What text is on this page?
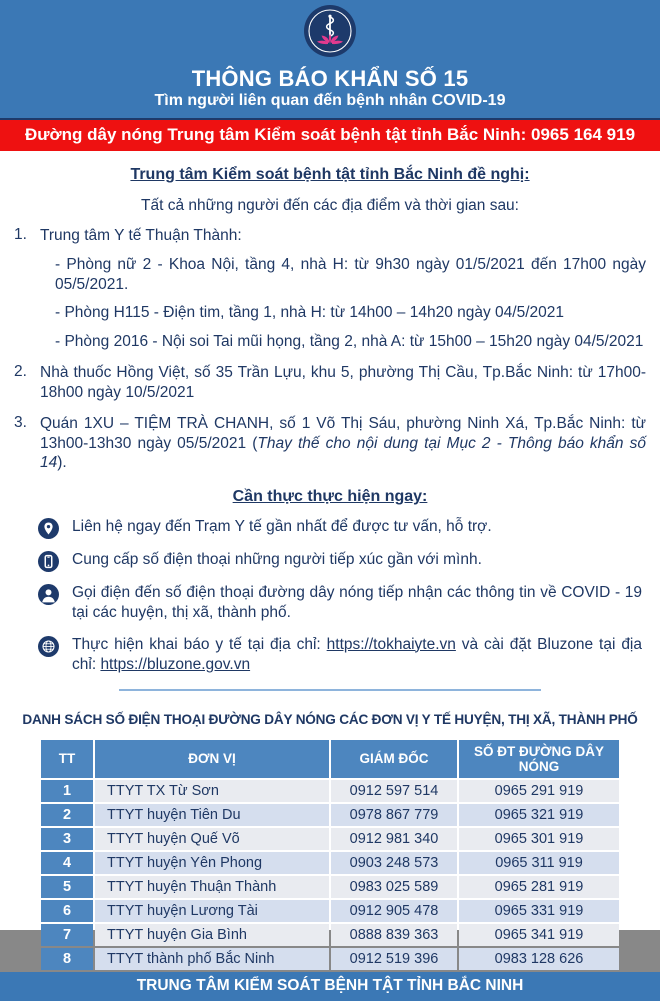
THÔNG BÁO KHẨN SỐ 15
Tìm người liên quan đến bệnh nhân COVID-19
Đường dây nóng Trung tâm Kiểm soát bệnh tật tỉnh Bắc Ninh: 0965 164 919
Trung tâm Kiểm soát bệnh tật tỉnh Bắc Ninh đề nghị:
Tất cả những người đến các địa điểm và thời gian sau:
1. Trung tâm Y tế Thuận Thành:
- Phòng nữ 2 - Khoa Nội, tầng 4, nhà H: từ 9h30 ngày 01/5/2021 đến 17h00 ngày 05/5/2021.
- Phòng H115 - Điện tim, tầng 1, nhà H: từ 14h00 – 14h20 ngày 04/5/2021
- Phòng 2016 - Nội soi Tai mũi họng, tầng 2, nhà A: từ 15h00 – 15h20 ngày 04/5/2021
2. Nhà thuốc Hồng Việt, số 35 Trần Lựu, khu 5, phường Thị Cầu, Tp.Bắc Ninh: từ 17h00-18h00 ngày 10/5/2021
3. Quán 1XU – TIỆM TRÀ CHANH, số 1 Võ Thị Sáu, phường Ninh Xá, Tp.Bắc Ninh: từ 13h00-13h30 ngày 05/5/2021 (Thay thế cho nội dung tại Mục 2 - Thông báo khẩn số 14).
Cần thực thực hiện ngay:
Liên hệ ngay đến Trạm Y tế gần nhất để được tư vấn, hỗ trợ.
Cung cấp số điện thoại những người tiếp xúc gần với mình.
Gọi điện đến số điện thoại đường dây nóng tiếp nhận các thông tin về COVID - 19 tại các huyện, thị xã, thành phố.
Thực hiện khai báo y tế tại địa chỉ: https://tokhaiyte.vn và cài đặt Bluzone tại địa chỉ: https://bluzone.gov.vn
DANH SÁCH SỐ ĐIỆN THOẠI ĐƯỜNG DÂY NÓNG CÁC ĐƠN VỊ Y TẾ HUYỆN, THỊ XÃ, THÀNH PHỐ
TT	ĐƠN VỊ	GIÁM ĐỐC	SỐ ĐT ĐƯỜNG DÂY NÓNG
1	TTYT TX Từ Sơn	0912 597 514	0965 291 919
2	TTYT huyện Tiên Du	0978 867 779	0965 321 919
3	TTYT huyện Quế Võ	0912 981 340	0965 301 919
4	TTYT huyện Yên Phong	0903 248 573	0965 311 919
5	TTYT huyện Thuận Thành	0983 025 589	0965 281 919
6	TTYT huyện Lương Tài	0912 905 478	0965 331 919
7	TTYT huyện Gia Bình	0888 839 363	0965 341 919
8	TTYT thành phố Bắc Ninh	0912 519 396	0983 128 626
TRUNG TÂM KIỂM SOÁT BỆNH TẬT TỈNH BẮC NINH
